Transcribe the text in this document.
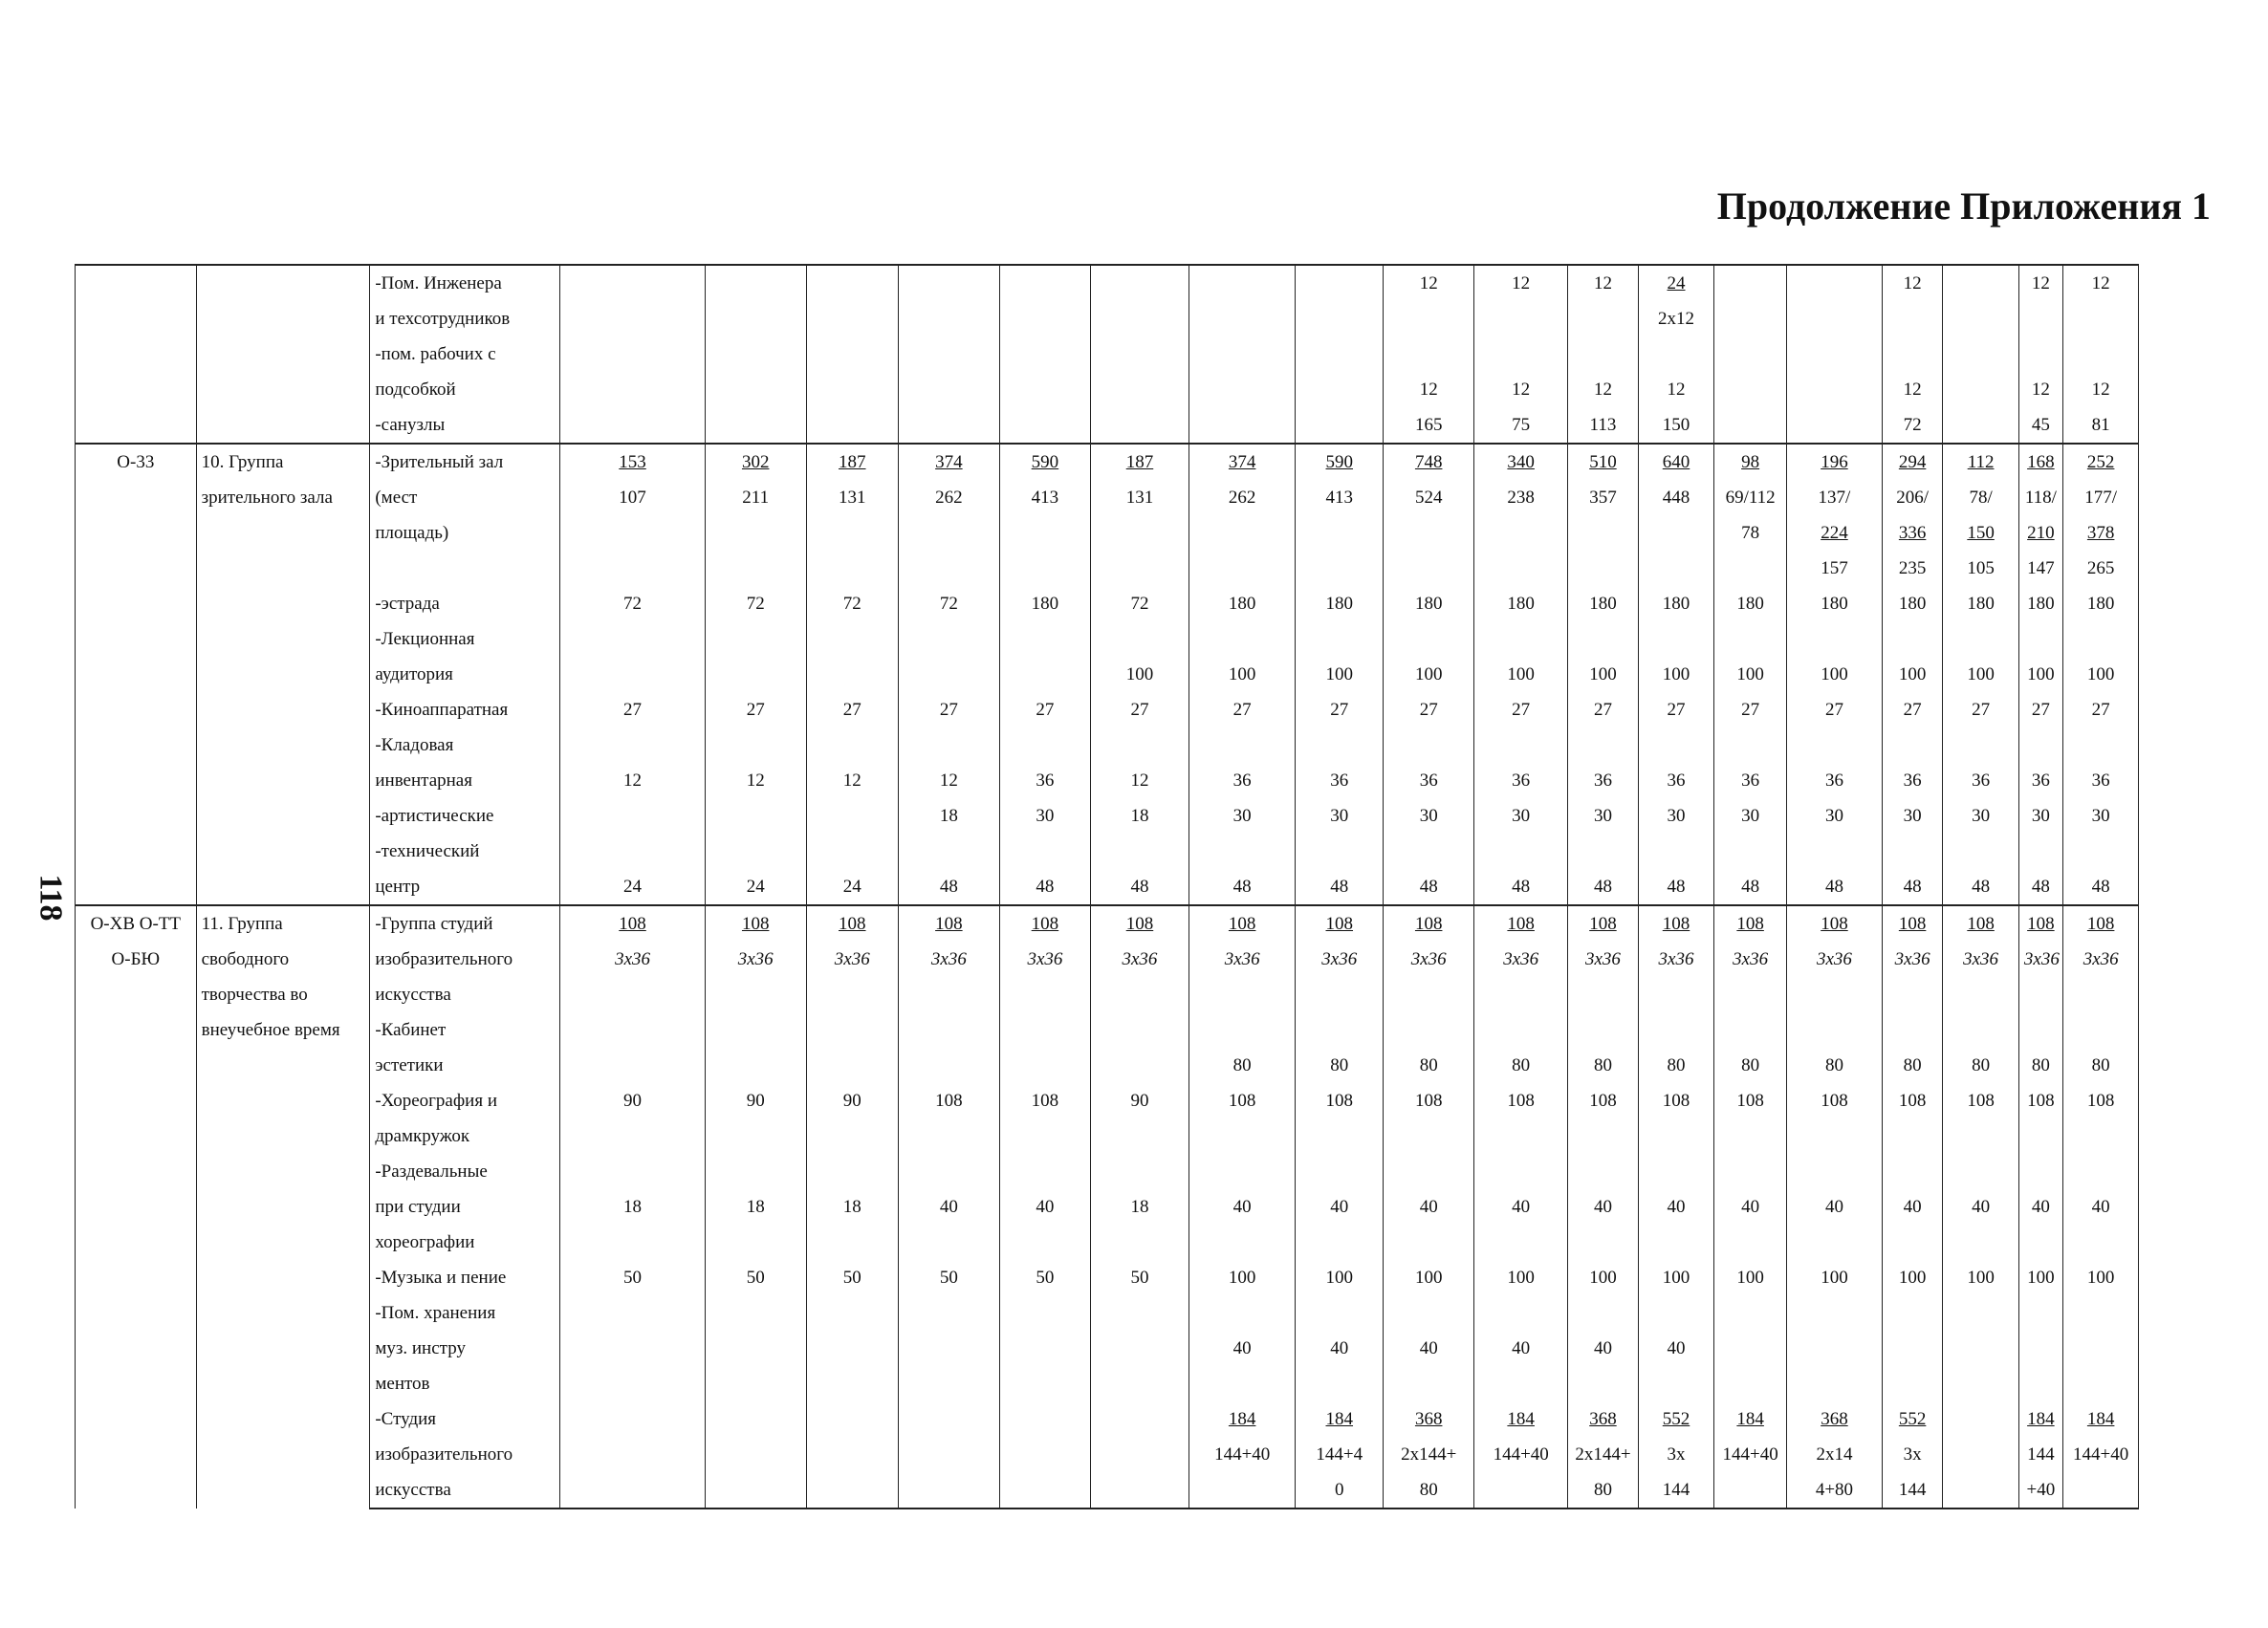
Продолжение Приложения 1
118
		-Пом. Инженера									12	12	12	24			12		12	12
		и техсотрудников												2x12						
		-пом. рабочих с																		
		подсобкой									12	12	12	12			12		12	12
		-санузлы									165	75	113	150			72		45	81
О-33	10. Группа зрительного зала	-Зрительный зал	153	302	187	374	590	187	374	590	748	340	510	640	98	196	294	112	168	252
		(мест	107	211	131	262	413	131	262	413	524	238	357	448	69/112	137/	206/	78/	118/	177/
		площадь)													78	224	336	150	210	378
																157	235	105	147	265
		-эстрада	72	72	72	72	180	72	180	180	180	180	180	180	180	180	180	180	180	180
		-Лекционная																		
		аудитория						100	100	100	100	100	100	100	100	100	100	100	100	100
		-Киноаппаратная	27	27	27	27	27	27	27	27	27	27	27	27	27	27	27	27	27	27
		-Кладовая																		
		инвентарная	12	12	12	12	36	12	36	36	36	36	36	36	36	36	36	36	36	36
		-артистические				18	30	18	30	30	30	30	30	30	30	30	30	30	30	30
		-технический																		
		центр	24	24	24	48	48	48	48	48	48	48	48	48	48	48	48	48	48	48
О-ХВ О-ТТ О-БЮ	11. Группа свободного творчества во внеучебное время	-Группа студий	108	108	108	108	108	108	108	108	108	108	108	108	108	108	108	108	108	108
		изобразительного	3x36	3x36	3x36	3x36	3x36	3x36	3x36	3x36	3x36	3x36	3x36	3x36	3x36	3x36	3x36	3x36	3x36	3x36
		искусства																		
		-Кабинет																		
		эстетики							80	80	80	80	80	80	80	80	80	80	80	80
		-Хореография и	90	90	90	108	108	90	108	108	108	108	108	108	108	108	108	108	108	108
		драмкружок																		
		-Раздевальные																		
		при студии	18	18	18	40	40	18	40	40	40	40	40	40	40	40	40	40	40	40
		хореографии																		
		-Музыка и пение	50	50	50	50	50	50	100	100	100	100	100	100	100	100	100	100	100	100
		-Пом. хранения																		
		муз. инстру							40	40	40	40	40	40						
		ментов																		
		-Студия							184	184	368	184	368	552	184	368	552		184	184
		изобразительного							144+40	144+4	2x144+	144+40	2x144+	3x	144+40	2x14	3x		144	144+40
		искусства								0	80		80	144		4+80	144		+40	
